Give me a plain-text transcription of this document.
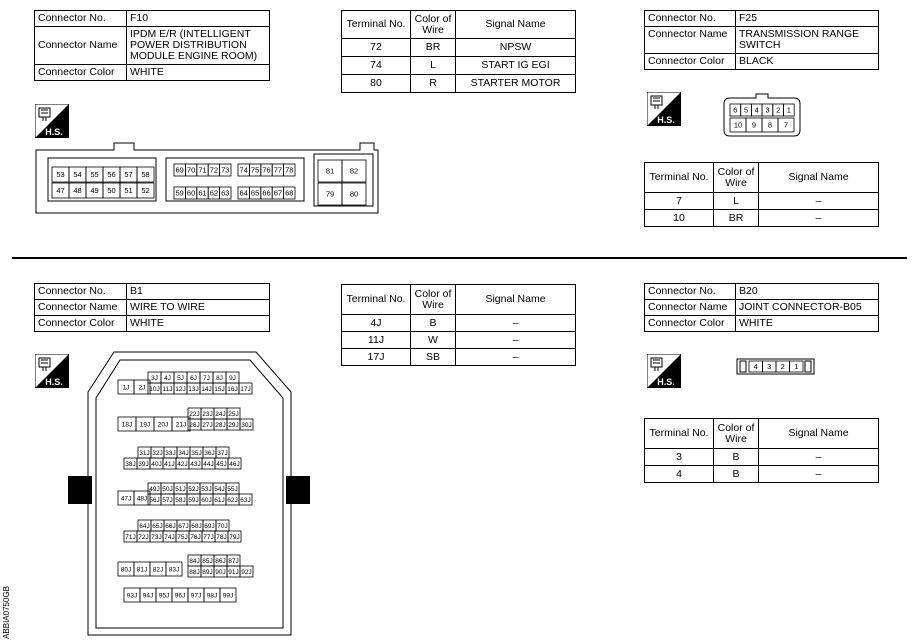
Connector No.	F10
Connector Name	IPDM E/R (INTELLIGENT
POWER DISTRIBUTION
MODULE ENGINE ROOM)

Connector Color	WHITE
Terminal No.	Color of
Wire	Signal Name
72	BR	NPSW
74	L	START IG EGI
80	R	STARTER MOTOR
H.S.
53 54 55 56 57 58
47 48 49 50 51 52
69 70 71 72 73 74 75 76 77 78
59 60 61 62 63 64 65 66 67 68
81 82
79 80
Connector No.	F25
Connector Name	TRANSMISSION RANGE
SWITCH

Connector Color	BLACK
H.S.
6 5 4 3 2 1
10 9 8 7
Terminal No.	Color of
Wire	Signal Name
7	L	–
10	BR	–
Connector No.	B1
Connector Name	WIRE TO WIRE
Connector Color	WHITE
Terminal No.	Color of
Wire	Signal Name
4J	B	–
11J	W	–
17J	SB	–
H.S.	3J 4J 5J 6J 7J 8J 9J
1J 2J 10J 11J 12J 13J 14J 15J 16J 17J
22J 23J 24J 25J
18J 19J 20J 21J 26J 27J 28J 29J 30J
31J 32J 33J 34J 35J 36J 37J
38J 39J 40J 41J 42J 43J 44J 45J 46J
49J 50J 51J 52J 53J 54J 55J
47J 48J 56J 57J 58J 59J 60J 61J 62J 63J
64J 65J 66J 67J 68J 69J 70J
71J 72J 73J 74J 75J 76J 77J 78J 79J
84J 85J 86J 87J
80J 81J 82J 83J 88J 89J 90J 91J 92J
93J 94J 95J 96J 97J 98J 99J
ABBIA0750GB
Connector No.	B20
Connector Name	JOINT CONNECTOR-B05
Connector Color	WHITE
H.S.
4 3 2 1
Terminal No.	Color of
Wire	Signal Name
3	B	–
4	B	–
